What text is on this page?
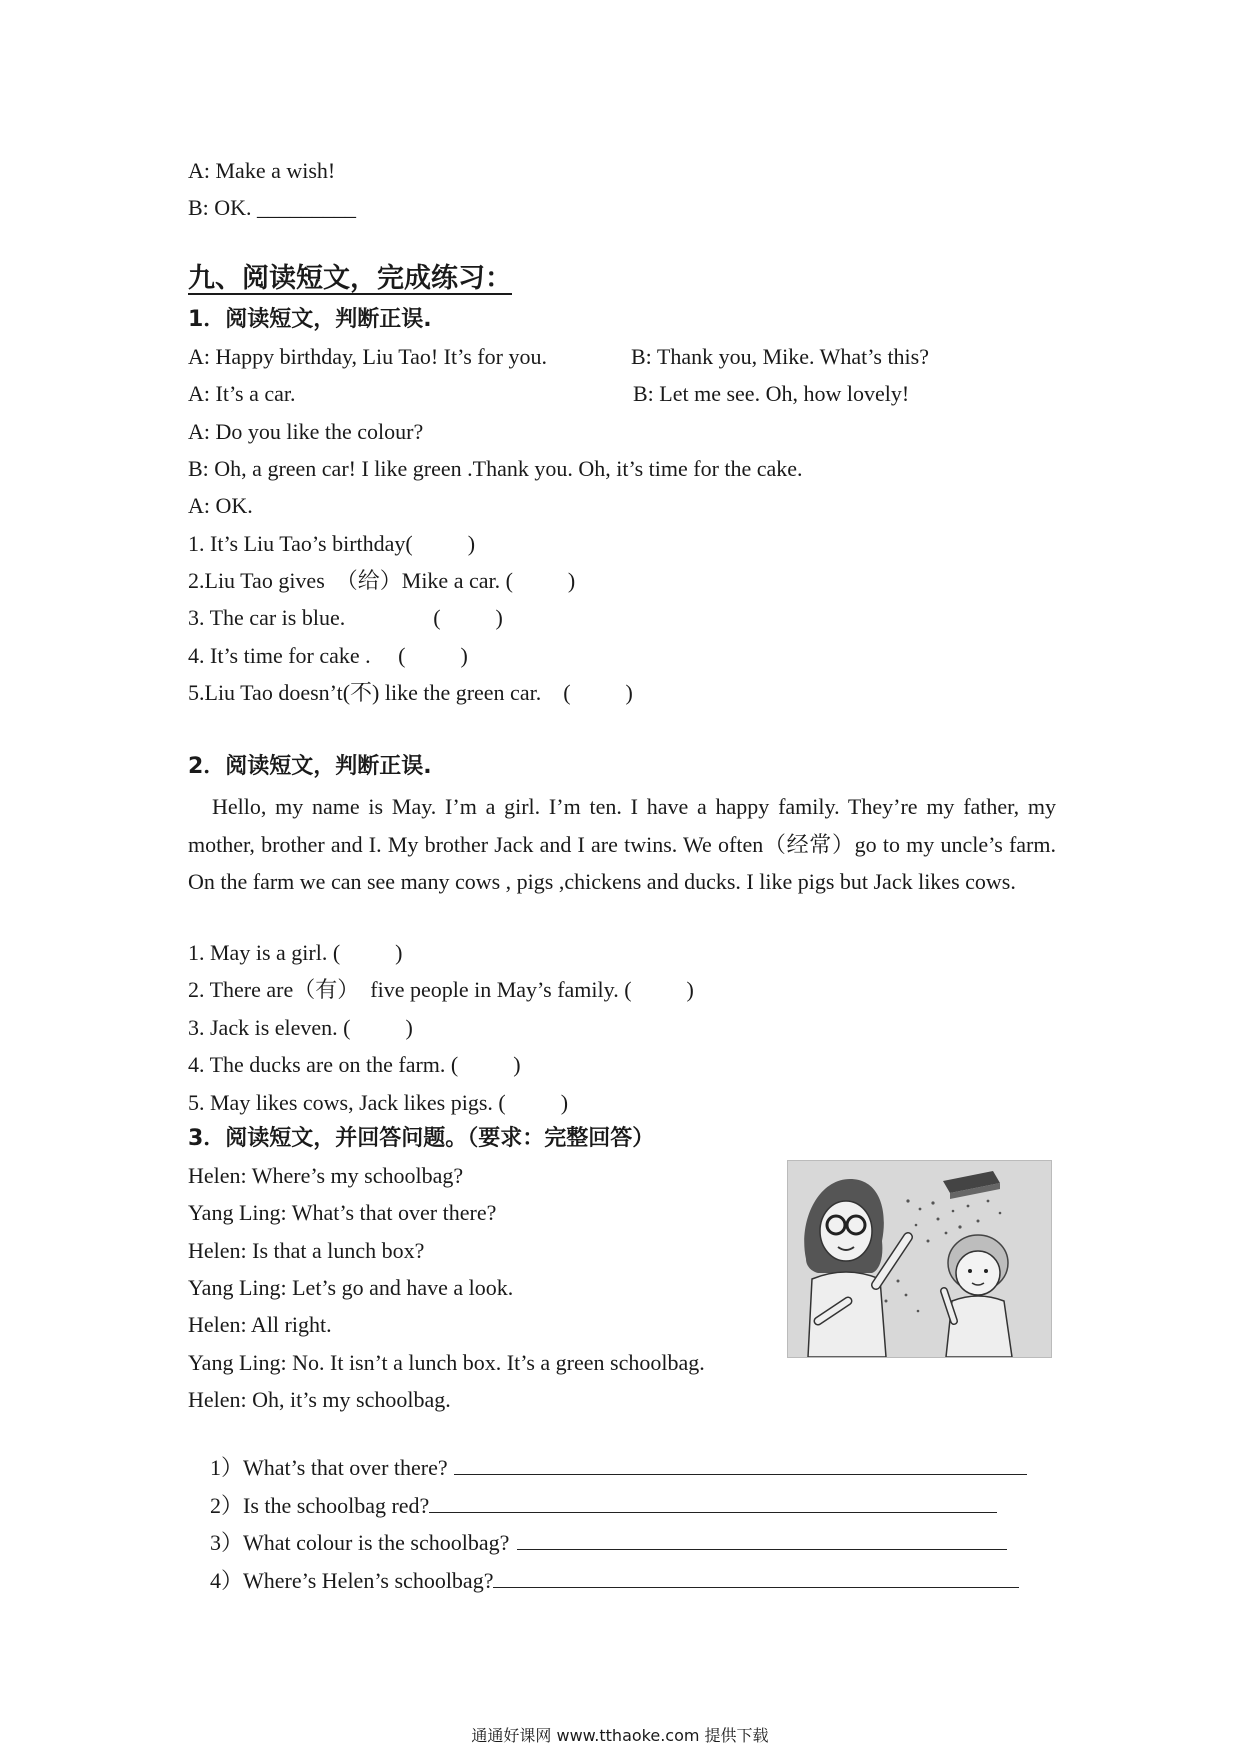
A: Make a wish!
B: OK. _________
九、阅读短文，完成练习：
1．阅读短文，判断正误.
A: Happy birthday, Liu Tao! It’s for you.	B: Thank you, Mike. What’s this?
A: It’s a car.	B: Let me see. Oh, how lovely!
A: Do you like the colour?
B: Oh, a green car! I like green .Thank you. Oh, it’s time for the cake.
A: OK.
1. It’s Liu Tao’s birthday(          )
2.Liu Tao gives  （给）Mike a car. (          )
3. The car is blue.                (          )
4. It’s time for cake .     (          )
5.Liu Tao doesn’t(不) like the green car.    (          )
2．阅读短文，判断正误.
Hello, my name is May. I’m a girl. I’m ten. I have a happy family. They’re my father, my mother, brother and I. My brother Jack and I are twins. We often（经常）go to my uncle’s farm. On the farm we can see many cows , pigs ,chickens and ducks. I like pigs but Jack likes cows.
1. May is a girl. (          )
2. There are（有）  five people in May’s family. (          )
3. Jack is eleven. (          )
4. The ducks are on the farm. (          )
5. May likes cows, Jack likes pigs. (          )
3．阅读短文，并回答问题。（要求：完整回答）
Helen: Where’s my schoolbag?
Yang Ling: What’s that over there?
Helen: Is that a lunch box?
Yang Ling: Let’s go and have a look.
Helen: All right.
Yang Ling: No. It isn’t a lunch box. It’s a green schoolbag.
Helen: Oh, it’s my schoolbag.

1）What’s that over there?

2）Is the schoolbag red?

3）What colour is the schoolbag?

4）Where’s Helen’s schoolbag?

通通好课网 www.tthaoke.com 提供下载
